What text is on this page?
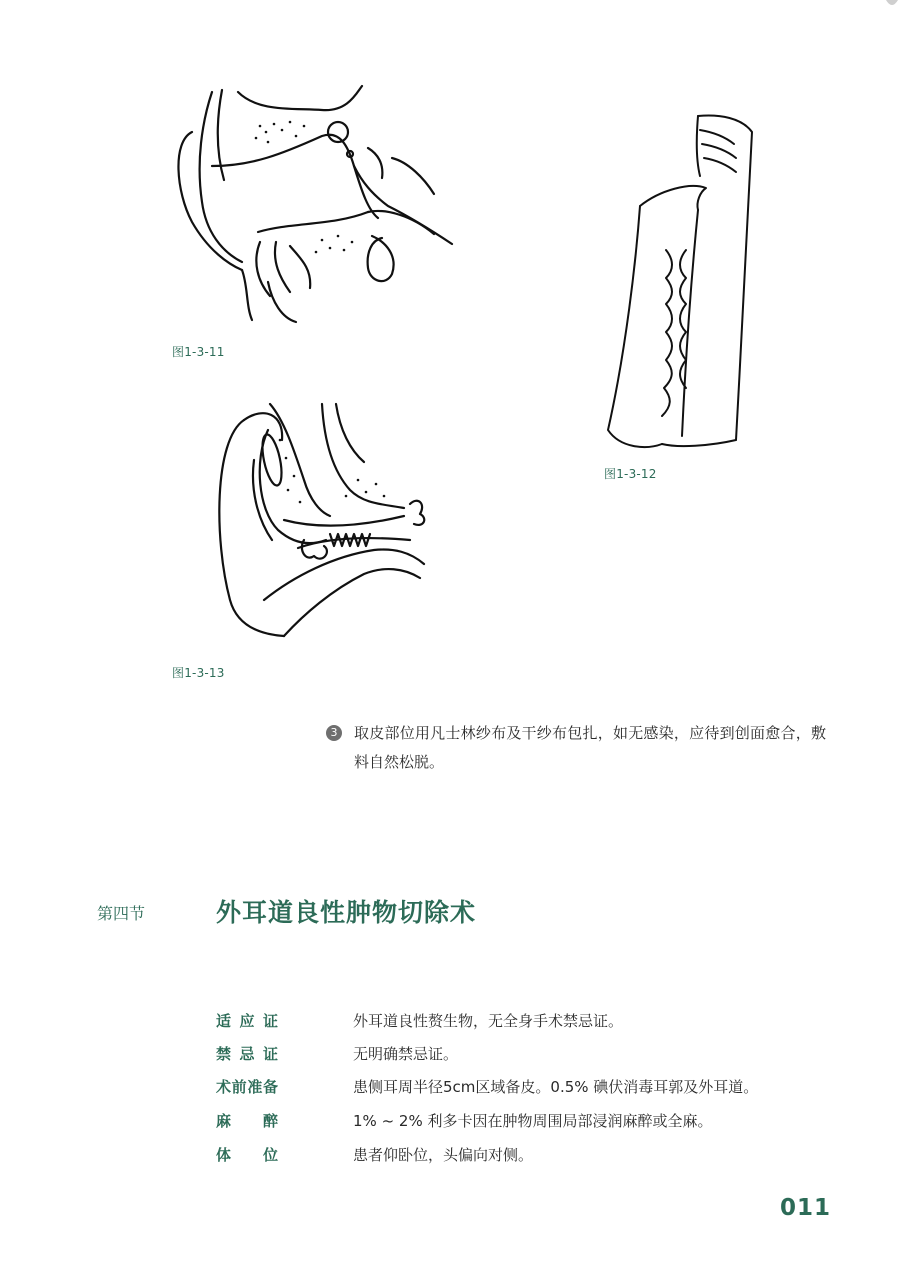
图1-3-11
图1-3-12
图1-3-13
3	取皮部位用凡士林纱布及干纱布包扎，如无感染，应待到创面愈合，敷料自然松脱。
第四节	外耳道良性肿物切除术
适应证	外耳道良性赘生物，无全身手术禁忌证。
禁忌证	无明确禁忌证。
术前准备	患侧耳周半径5cm区域备皮。0.5% 碘伏消毒耳郭及外耳道。
麻醉	1% ~ 2% 利多卡因在肿物周围局部浸润麻醉或全麻。
体位	患者仰卧位，头偏向对侧。
011
